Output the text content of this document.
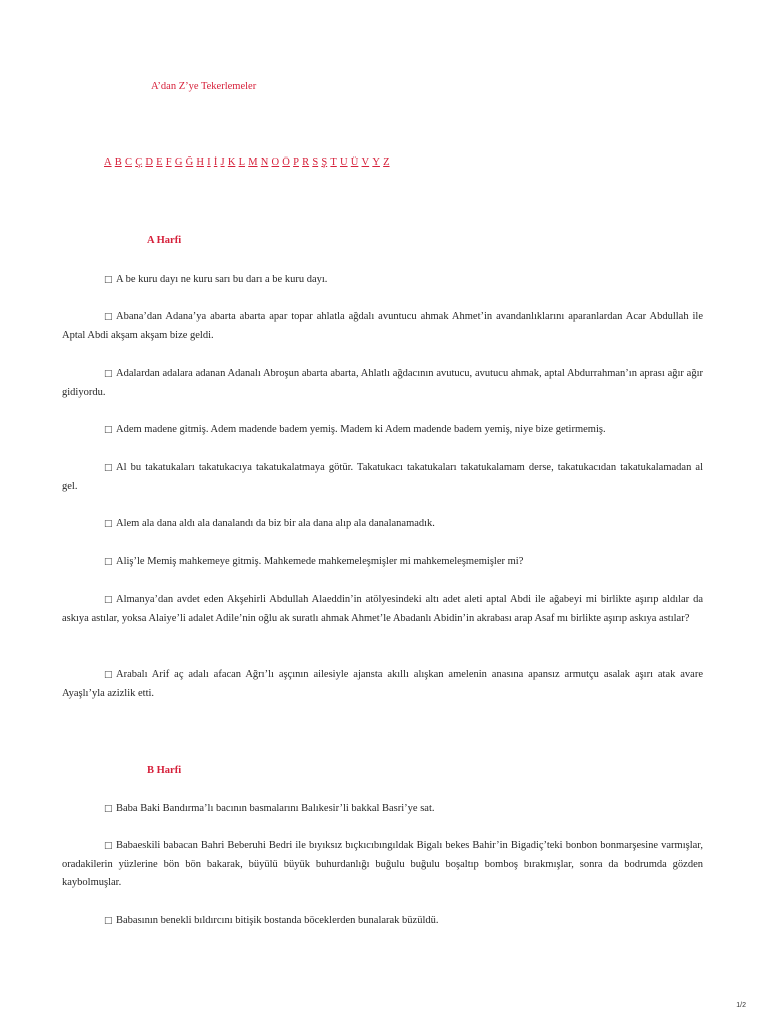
A’dan Z’ye Tekerlemeler
A B C Ç D E F G Ğ H I İ J K L M N O Ö P R S Ş T U Ü V Y Z
A Harfi
□ A be kuru dayı ne kuru sarı bu darı a be kuru dayı.
□ Abana’dan Adana’ya abarta abarta apar topar ahlatla ağdalı avuntucu ahmak Ahmet’in avandanlıklarını aparanlardan Acar Abdullah ile Aptal Abdi akşam akşam bize geldi.
□ Adalardan adalara adanan Adanalı Abroşun abarta abarta, Ahlatlı ağdacının avutucu, avutucu ahmak, aptal Abdurrahman’ın aprası ağır ağır gidiyordu.
□ Adem madene gitmiş. Adem madende badem yemiş. Madem ki Adem madende badem yemiş, niye bize getirmemiş.
□ Al bu takatukaları takatukacıya takatukalatmaya götür. Takatukacı takatukaları takatukalamam derse, takatukacıdan takatukalamadan al gel.
□ Alem ala dana aldı ala danalandı da biz bir ala dana alıp ala danalanamadık.
□ Aliş’le Memiş mahkemeye gitmiş. Mahkemede mahkemeleşmişler mi mahkemeleşmemişler mi?
□ Almanya’dan avdet eden Akşehirli Abdullah Alaeddin’in atölyesindeki altı adet aleti aptal Abdi ile ağabeyi mi birlikte aşırıp aldılar da askıya astılar, yoksa Alaiye’li adalet Adile’nin oğlu ak suratlı ahmak Ahmet’le Abadanlı Abidin’in akrabası arap Asaf mı birlikte aşırıp askıya astılar?
□ Arabalı Arif aç adalı afacan Ağrı’lı aşçının ailesiyle ajansta akıllı alışkan amelenin anasına apansız armutçu asalak aşırı atak avare Ayaşlı’yla azizlik etti.
B Harfi
□ Baba Baki Bandırma’lı bacının basmalarını Balıkesir’li bakkal Basri’ye sat.
□ Babaeskili babacan Bahri Beberuhi Bedri ile bıyıksız bıçkıcıbıngıldak Bigalı bekes Bahir’in Bigadiç’teki bonbon bonmarşesine varmışlar, oradakilerin yüzlerine bön bön bakarak, büyülü büyük buhurdanlığı buğulu buğulu boşaltıp bomboş bırakmışlar, sonra da bodrumda gözden kaybolmuşlar.
□ Babasının benekli bıldırcını bitişik bostanda böceklerden bunalarak büzüldü.
1/2
